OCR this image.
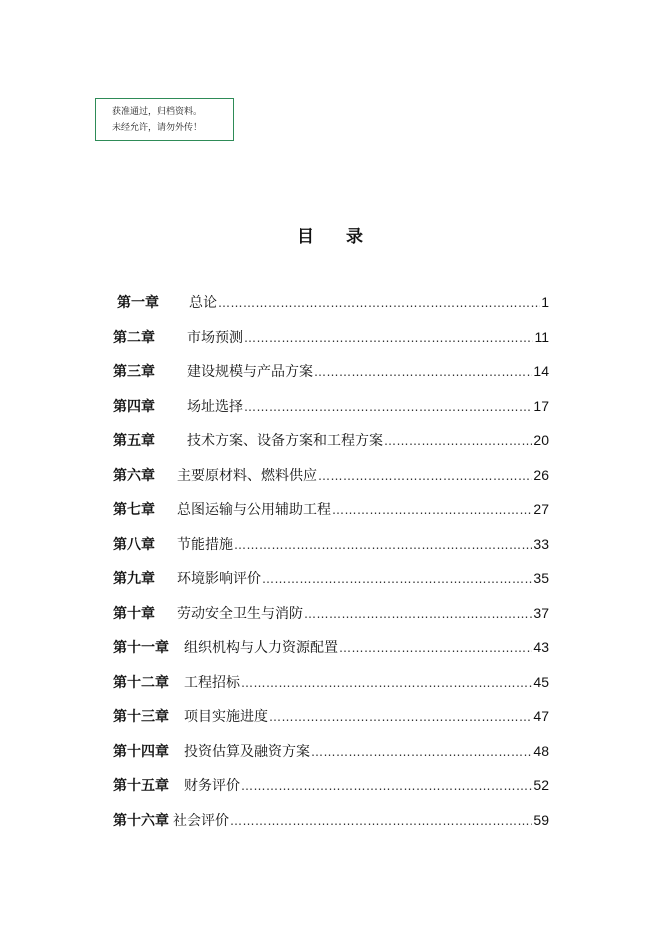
获准通过，归档资料。
未经允许，请勿外传！
目 录
第一章 总论 ……………………………………………………………………………………………………………………………………………………	1
第二章 市场预测 ……………………………………………………………………………………………………………………………………………………	11
第三章 建设规模与产品方案 ……………………………………………………………………………………………………………………………………………………	14
第四章 场址选择 ……………………………………………………………………………………………………………………………………………………	17
第五章 技术方案、设备方案和工程方案 ……………………………………………………………………………………………………………………………………………………	20
第六章 主要原材料、燃料供应 ……………………………………………………………………………………………………………………………………………………	26
第七章 总图运输与公用辅助工程 ……………………………………………………………………………………………………………………………………………………	27
第八章 节能措施 ……………………………………………………………………………………………………………………………………………………	33
第九章 环境影响评价 ……………………………………………………………………………………………………………………………………………………	35
第十章 劳动安全卫生与消防 ……………………………………………………………………………………………………………………………………………………	37
第十一章 组织机构与人力资源配置 ……………………………………………………………………………………………………………………………………………………	43
第十二章 工程招标 ……………………………………………………………………………………………………………………………………………………	45
第十三章 项目实施进度 ……………………………………………………………………………………………………………………………………………………	47
第十四章 投资估算及融资方案 ……………………………………………………………………………………………………………………………………………………	48
第十五章 财务评价 ……………………………………………………………………………………………………………………………………………………	52
第十六章 社会评价 ……………………………………………………………………………………………………………………………………………………	59
